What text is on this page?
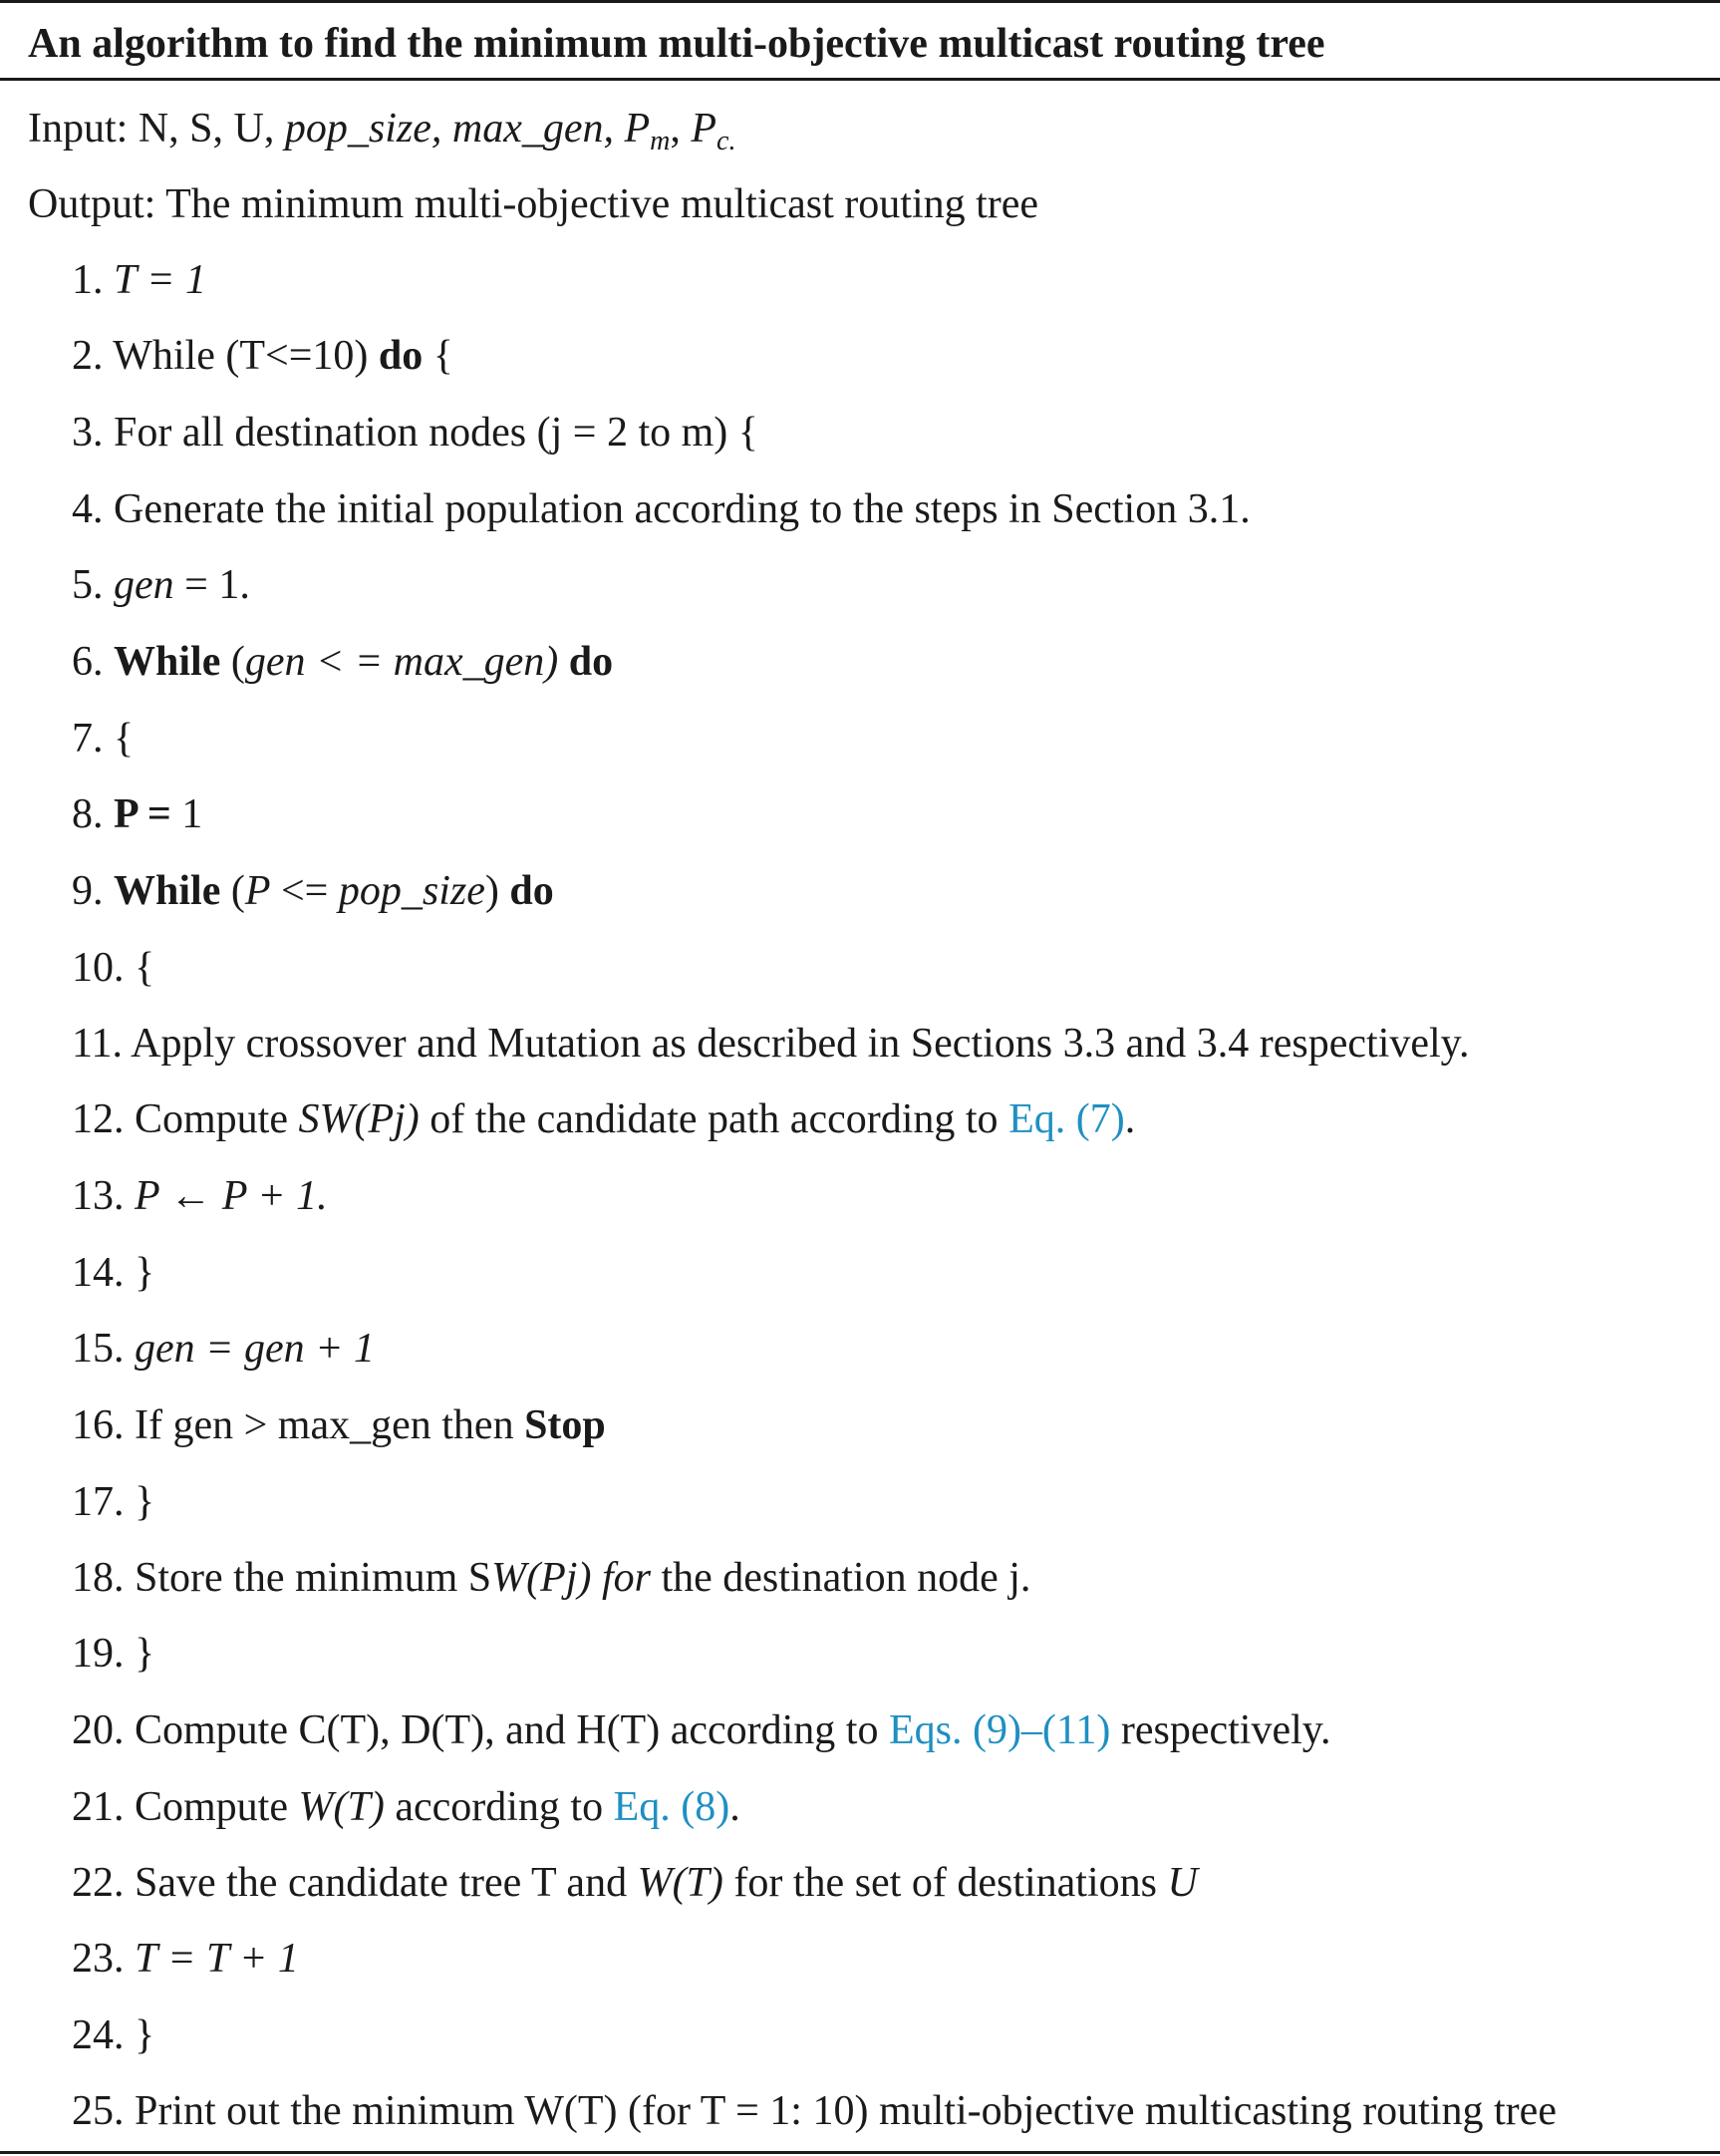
An algorithm to find the minimum multi-objective multicast routing tree
Input: N, S, U, pop_size, max_gen, $P_m$, $P_{c.}$
Output: The minimum multi-objective multicast routing tree
1. T = 1
2. While (T<=10) do {
3. For all destination nodes (j = 2 to m) {
4. Generate the initial population according to the steps in Section 3.1.
5. gen = 1.
6. While (gen < = max_gen) do
7. {
8. P = 1
9. While (P <= pop_size) do
10. {
11. Apply crossover and Mutation as described in Sections 3.3 and 3.4 respectively.
12. Compute SW(Pj) of the candidate path according to Eq. (7).
13. P ← P + 1.
14. }
15. gen = gen + 1
16. If gen > max_gen then Stop
17. }
18. Store the minimum SW(Pj) for the destination node j.
19. }
20. Compute C(T), D(T), and H(T) according to Eqs. (9)–(11) respectively.
21. Compute W(T) according to Eq. (8).
22. Save the candidate tree T and W(T) for the set of destinations U
23. T = T + 1
24. }
25. Print out the minimum W(T) (for T = 1: 10) multi-objective multicasting routing tree
